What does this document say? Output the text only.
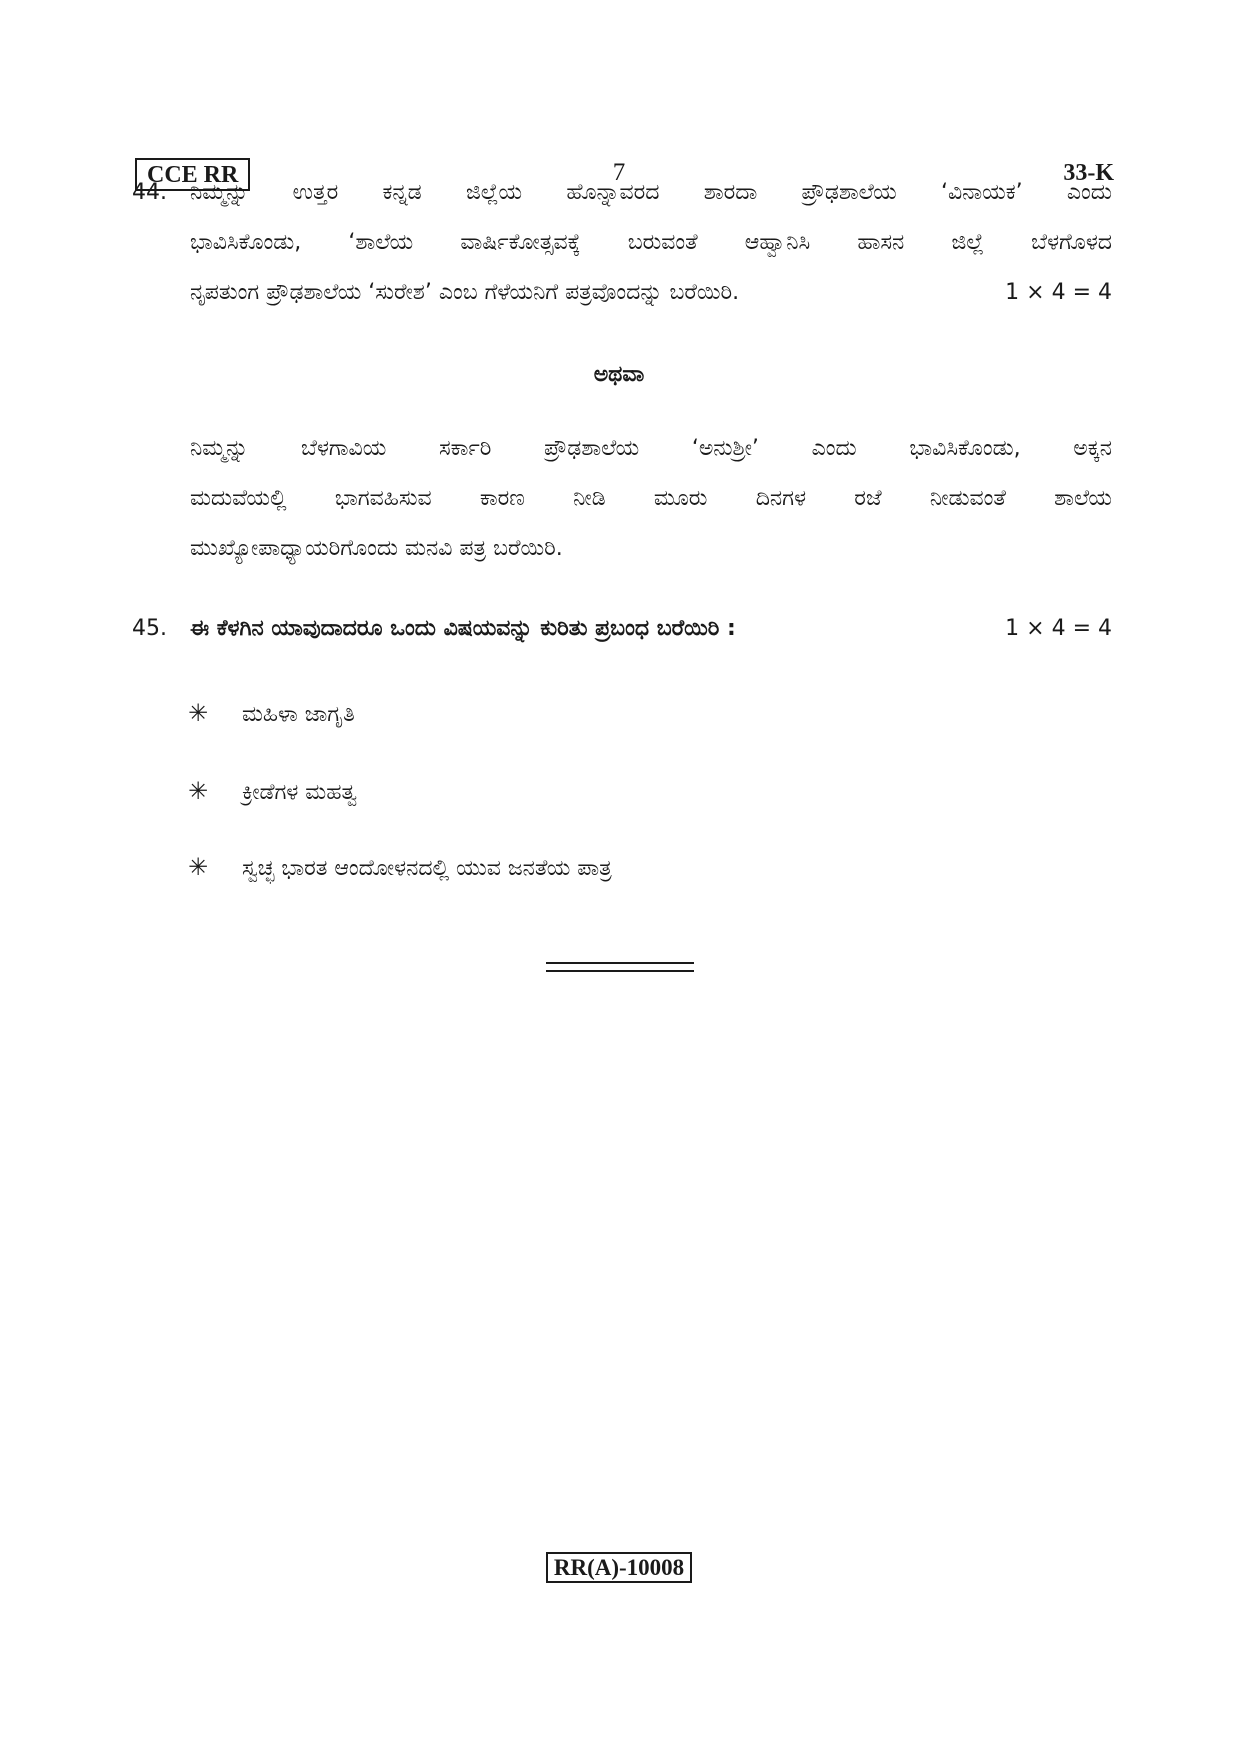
CCE RR	7	33-K
44. ನಿಮ್ಮನ್ನು ಉತ್ತರ ಕನ್ನಡ ಜಿಲ್ಲೆಯ ಹೊನ್ನಾವರದ ಶಾರದಾ ಪ್ರೌಢಶಾಲೆಯ ‘ವಿನಾಯಕ’ ಎಂದು
ಭಾವಿಸಿಕೊಂಡು, ‘ಶಾಲೆಯ ವಾರ್ಷಿಕೋತ್ಸವಕ್ಕೆ ಬರುವಂತೆ ಆಹ್ವಾನಿಸಿ ಹಾಸನ ಜಿಲ್ಲೆ ಬೆಳಗೊಳದ
ನೃಪತುಂಗ ಪ್ರೌಢಶಾಲೆಯ ‘ಸುರೇಶ’ ಎಂಬ ಗೆಳೆಯನಿಗೆ ಪತ್ರವೊಂದನ್ನು ಬರೆಯಿರಿ.	1 × 4 = 4
ಅಥವಾ
ನಿಮ್ಮನ್ನು ಬೆಳಗಾವಿಯ ಸರ್ಕಾರಿ ಪ್ರೌಢಶಾಲೆಯ ‘ಅನುಶ್ರೀ’ ಎಂದು ಭಾವಿಸಿಕೊಂಡು, ಅಕ್ಕನ
ಮದುವೆಯಲ್ಲಿ ಭಾಗವಹಿಸುವ ಕಾರಣ ನೀಡಿ ಮೂರು ದಿನಗಳ ರಜೆ ನೀಡುವಂತೆ ಶಾಲೆಯ
ಮುಖ್ಯೋಪಾಧ್ಯಾಯರಿಗೊಂದು ಮನವಿ ಪತ್ರ ಬರೆಯಿರಿ.
45. ಈ ಕೆಳಗಿನ ಯಾವುದಾದರೂ ಒಂದು ವಿಷಯವನ್ನು ಕುರಿತು ಪ್ರಬಂಧ ಬರೆಯಿರಿ :	1 × 4 = 4
✳ ಮಹಿಳಾ ಜಾಗೃತಿ
✳ ಕ್ರೀಡೆಗಳ ಮಹತ್ವ
✳ ಸ್ವಚ್ಛ ಭಾರತ ಆಂದೋಳನದಲ್ಲಿ ಯುವ ಜನತೆಯ ಪಾತ್ರ
RR(A)-10008
